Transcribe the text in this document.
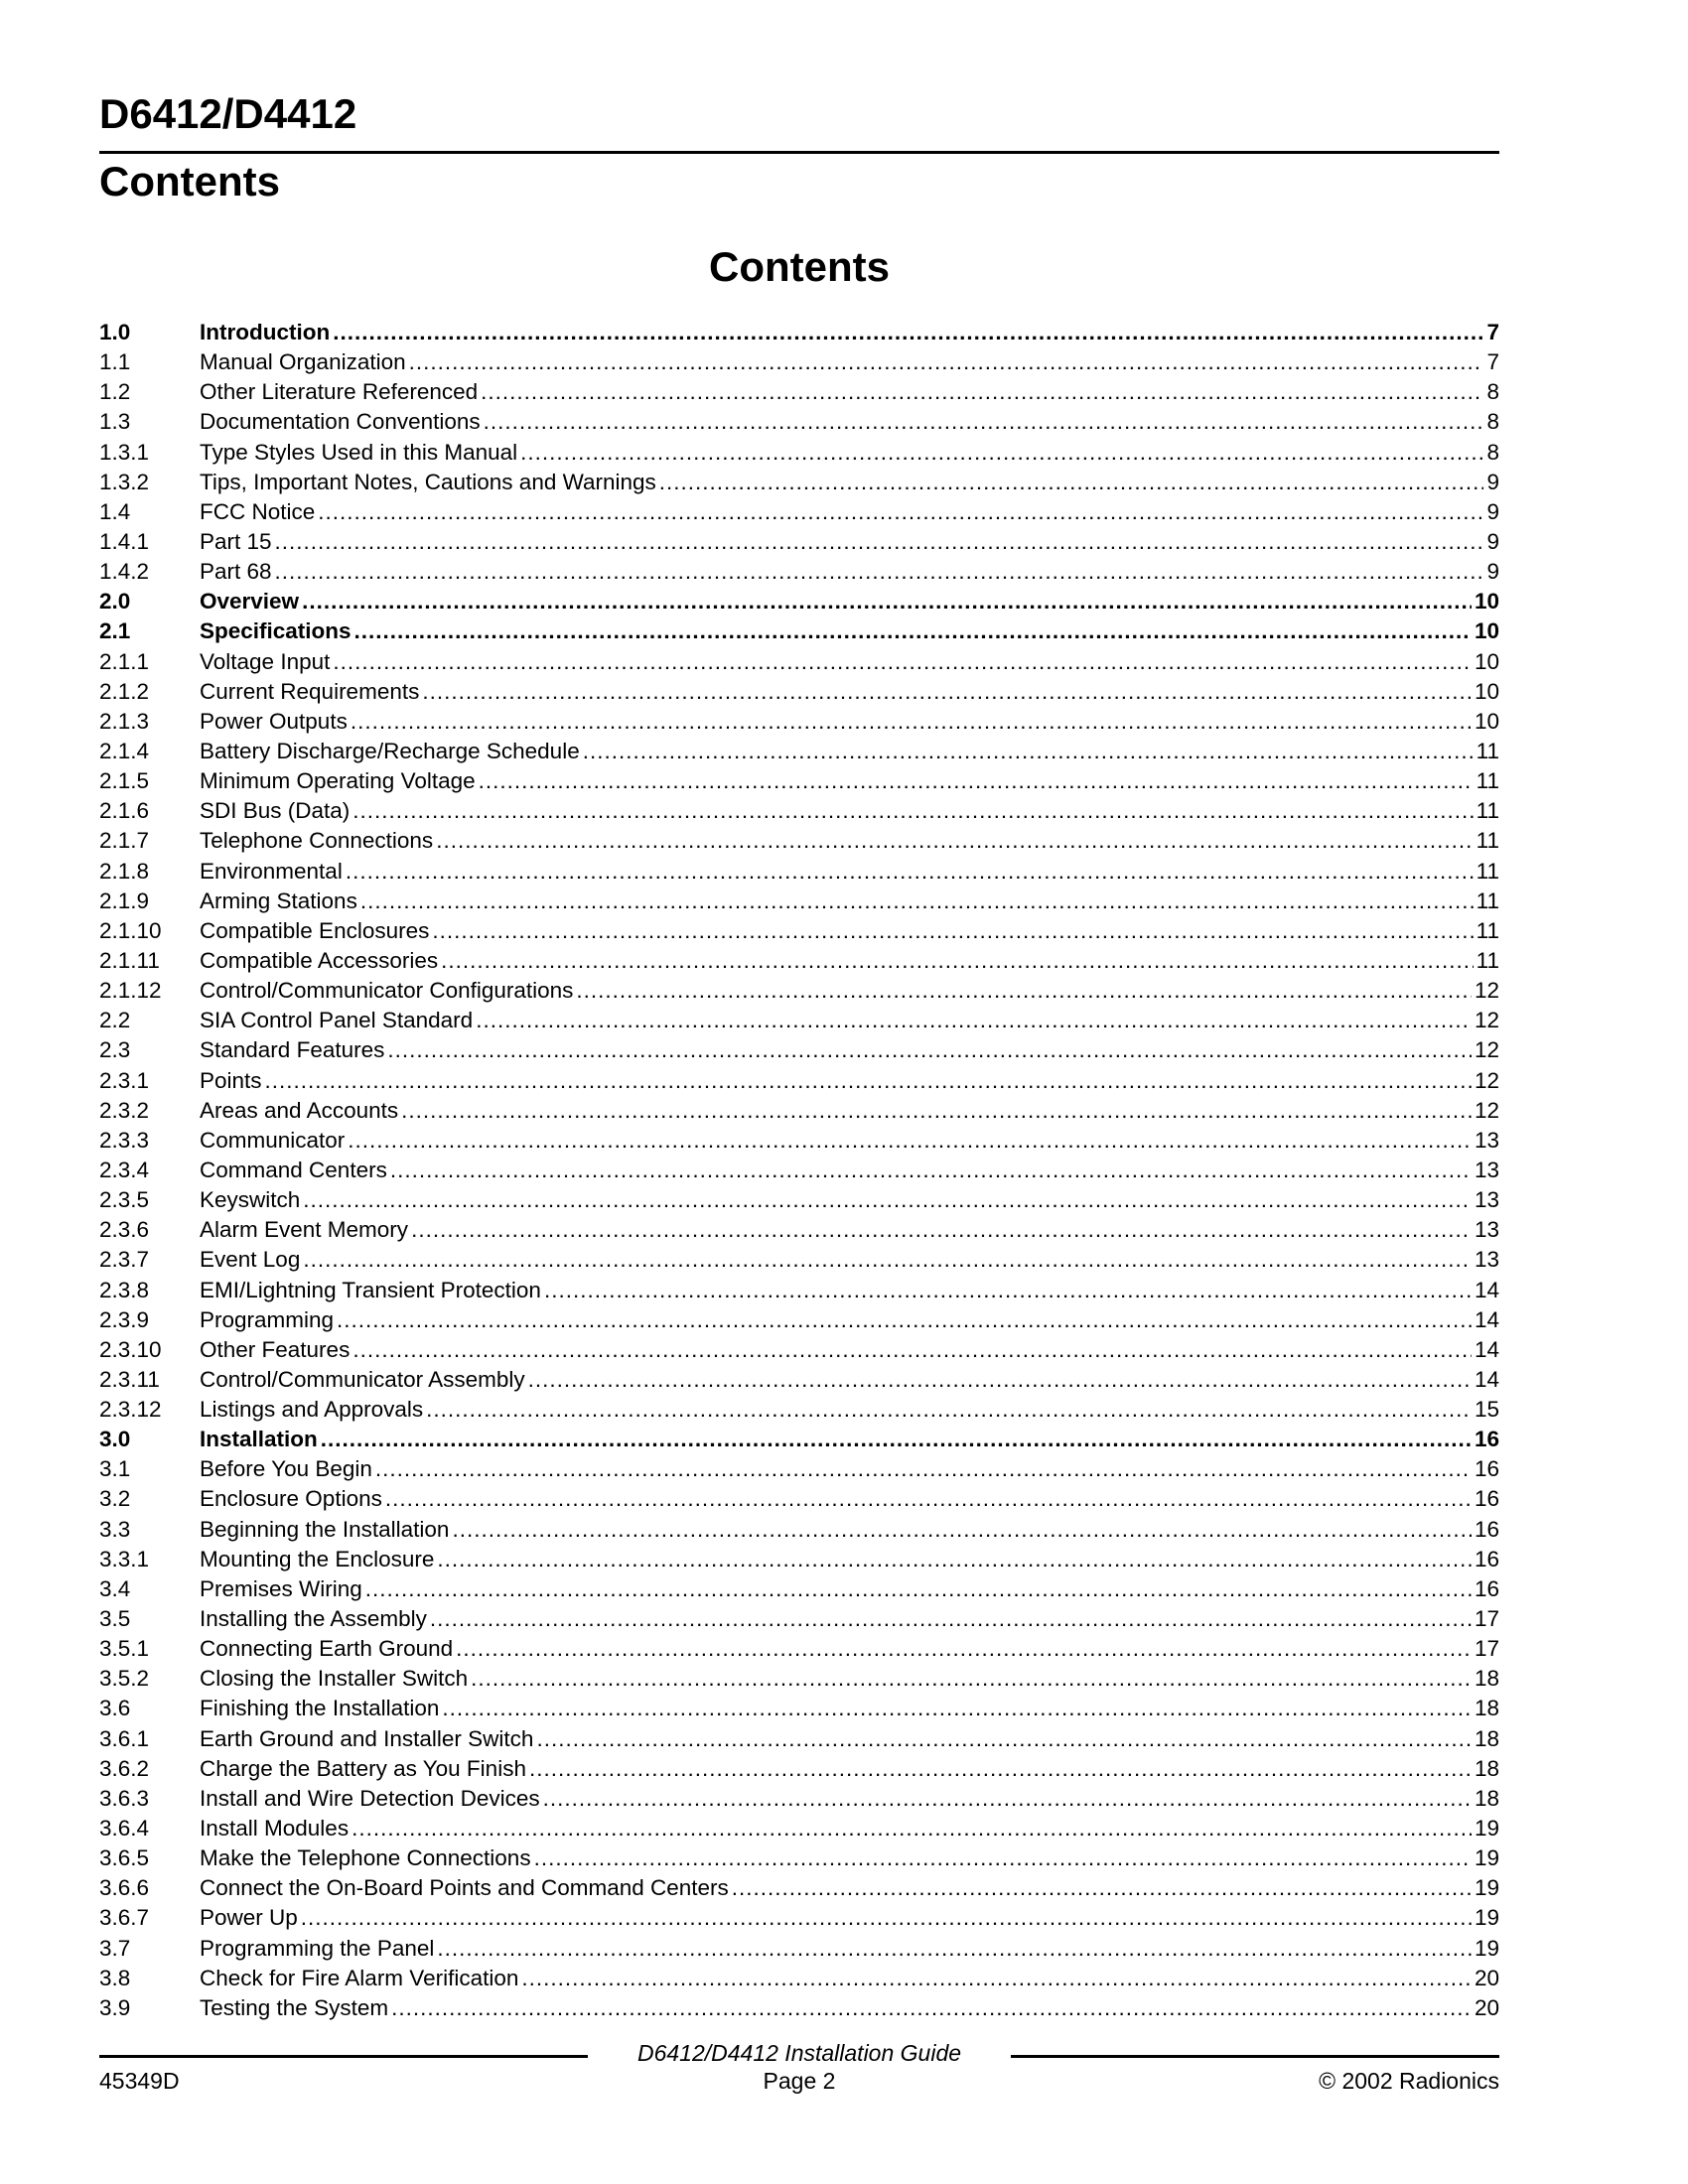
D6412/D4412
Contents
Contents
1.0	Introduction .....	7
1.1	Manual Organization .....	7
1.2	Other Literature Referenced .....	8
1.3	Documentation Conventions .....	8
1.3.1	Type Styles Used in this Manual .....	8
1.3.2	Tips, Important Notes, Cautions and Warnings .....	9
1.4	FCC Notice .....	9
1.4.1	Part 15 .....	9
1.4.2	Part 68 .....	9
2.0	Overview .....	10
2.1	Specifications .....	10
2.1.1	Voltage Input .....	10
2.1.2	Current Requirements .....	10
2.1.3	Power Outputs .....	10
2.1.4	Battery Discharge/Recharge Schedule .....	11
2.1.5	Minimum Operating Voltage .....	11
2.1.6	SDI Bus (Data) .....	11
2.1.7	Telephone Connections .....	11
2.1.8	Environmental .....	11
2.1.9	Arming Stations .....	11
2.1.10	Compatible Enclosures .....	11
2.1.11	Compatible Accessories .....	11
2.1.12	Control/Communicator Configurations .....	12
2.2	SIA Control Panel Standard .....	12
2.3	Standard Features .....	12
2.3.1	Points .....	12
2.3.2	Areas and Accounts .....	12
2.3.3	Communicator .....	13
2.3.4	Command Centers .....	13
2.3.5	Keyswitch .....	13
2.3.6	Alarm Event Memory .....	13
2.3.7	Event Log .....	13
2.3.8	EMI/Lightning Transient Protection .....	14
2.3.9	Programming .....	14
2.3.10	Other Features .....	14
2.3.11	Control/Communicator Assembly .....	14
2.3.12	Listings and Approvals .....	15
3.0	Installation .....	16
3.1	Before You Begin .....	16
3.2	Enclosure Options .....	16
3.3	Beginning the Installation .....	16
3.3.1	Mounting the Enclosure .....	16
3.4	Premises Wiring .....	16
3.5	Installing the Assembly .....	17
3.5.1	Connecting Earth Ground .....	17
3.5.2	Closing the Installer Switch .....	18
3.6	Finishing the Installation .....	18
3.6.1	Earth Ground and Installer Switch .....	18
3.6.2	Charge the Battery as You Finish .....	18
3.6.3	Install and Wire Detection Devices .....	18
3.6.4	Install Modules .....	19
3.6.5	Make the Telephone Connections .....	19
3.6.6	Connect the On-Board Points and Command Centers .....	19
3.6.7	Power Up .....	19
3.7	Programming the Panel .....	19
3.8	Check for Fire Alarm Verification .....	20
3.9	Testing the System .....	20
D6412/D4412 Installation Guide
45349D	Page 2	© 2002 Radionics
